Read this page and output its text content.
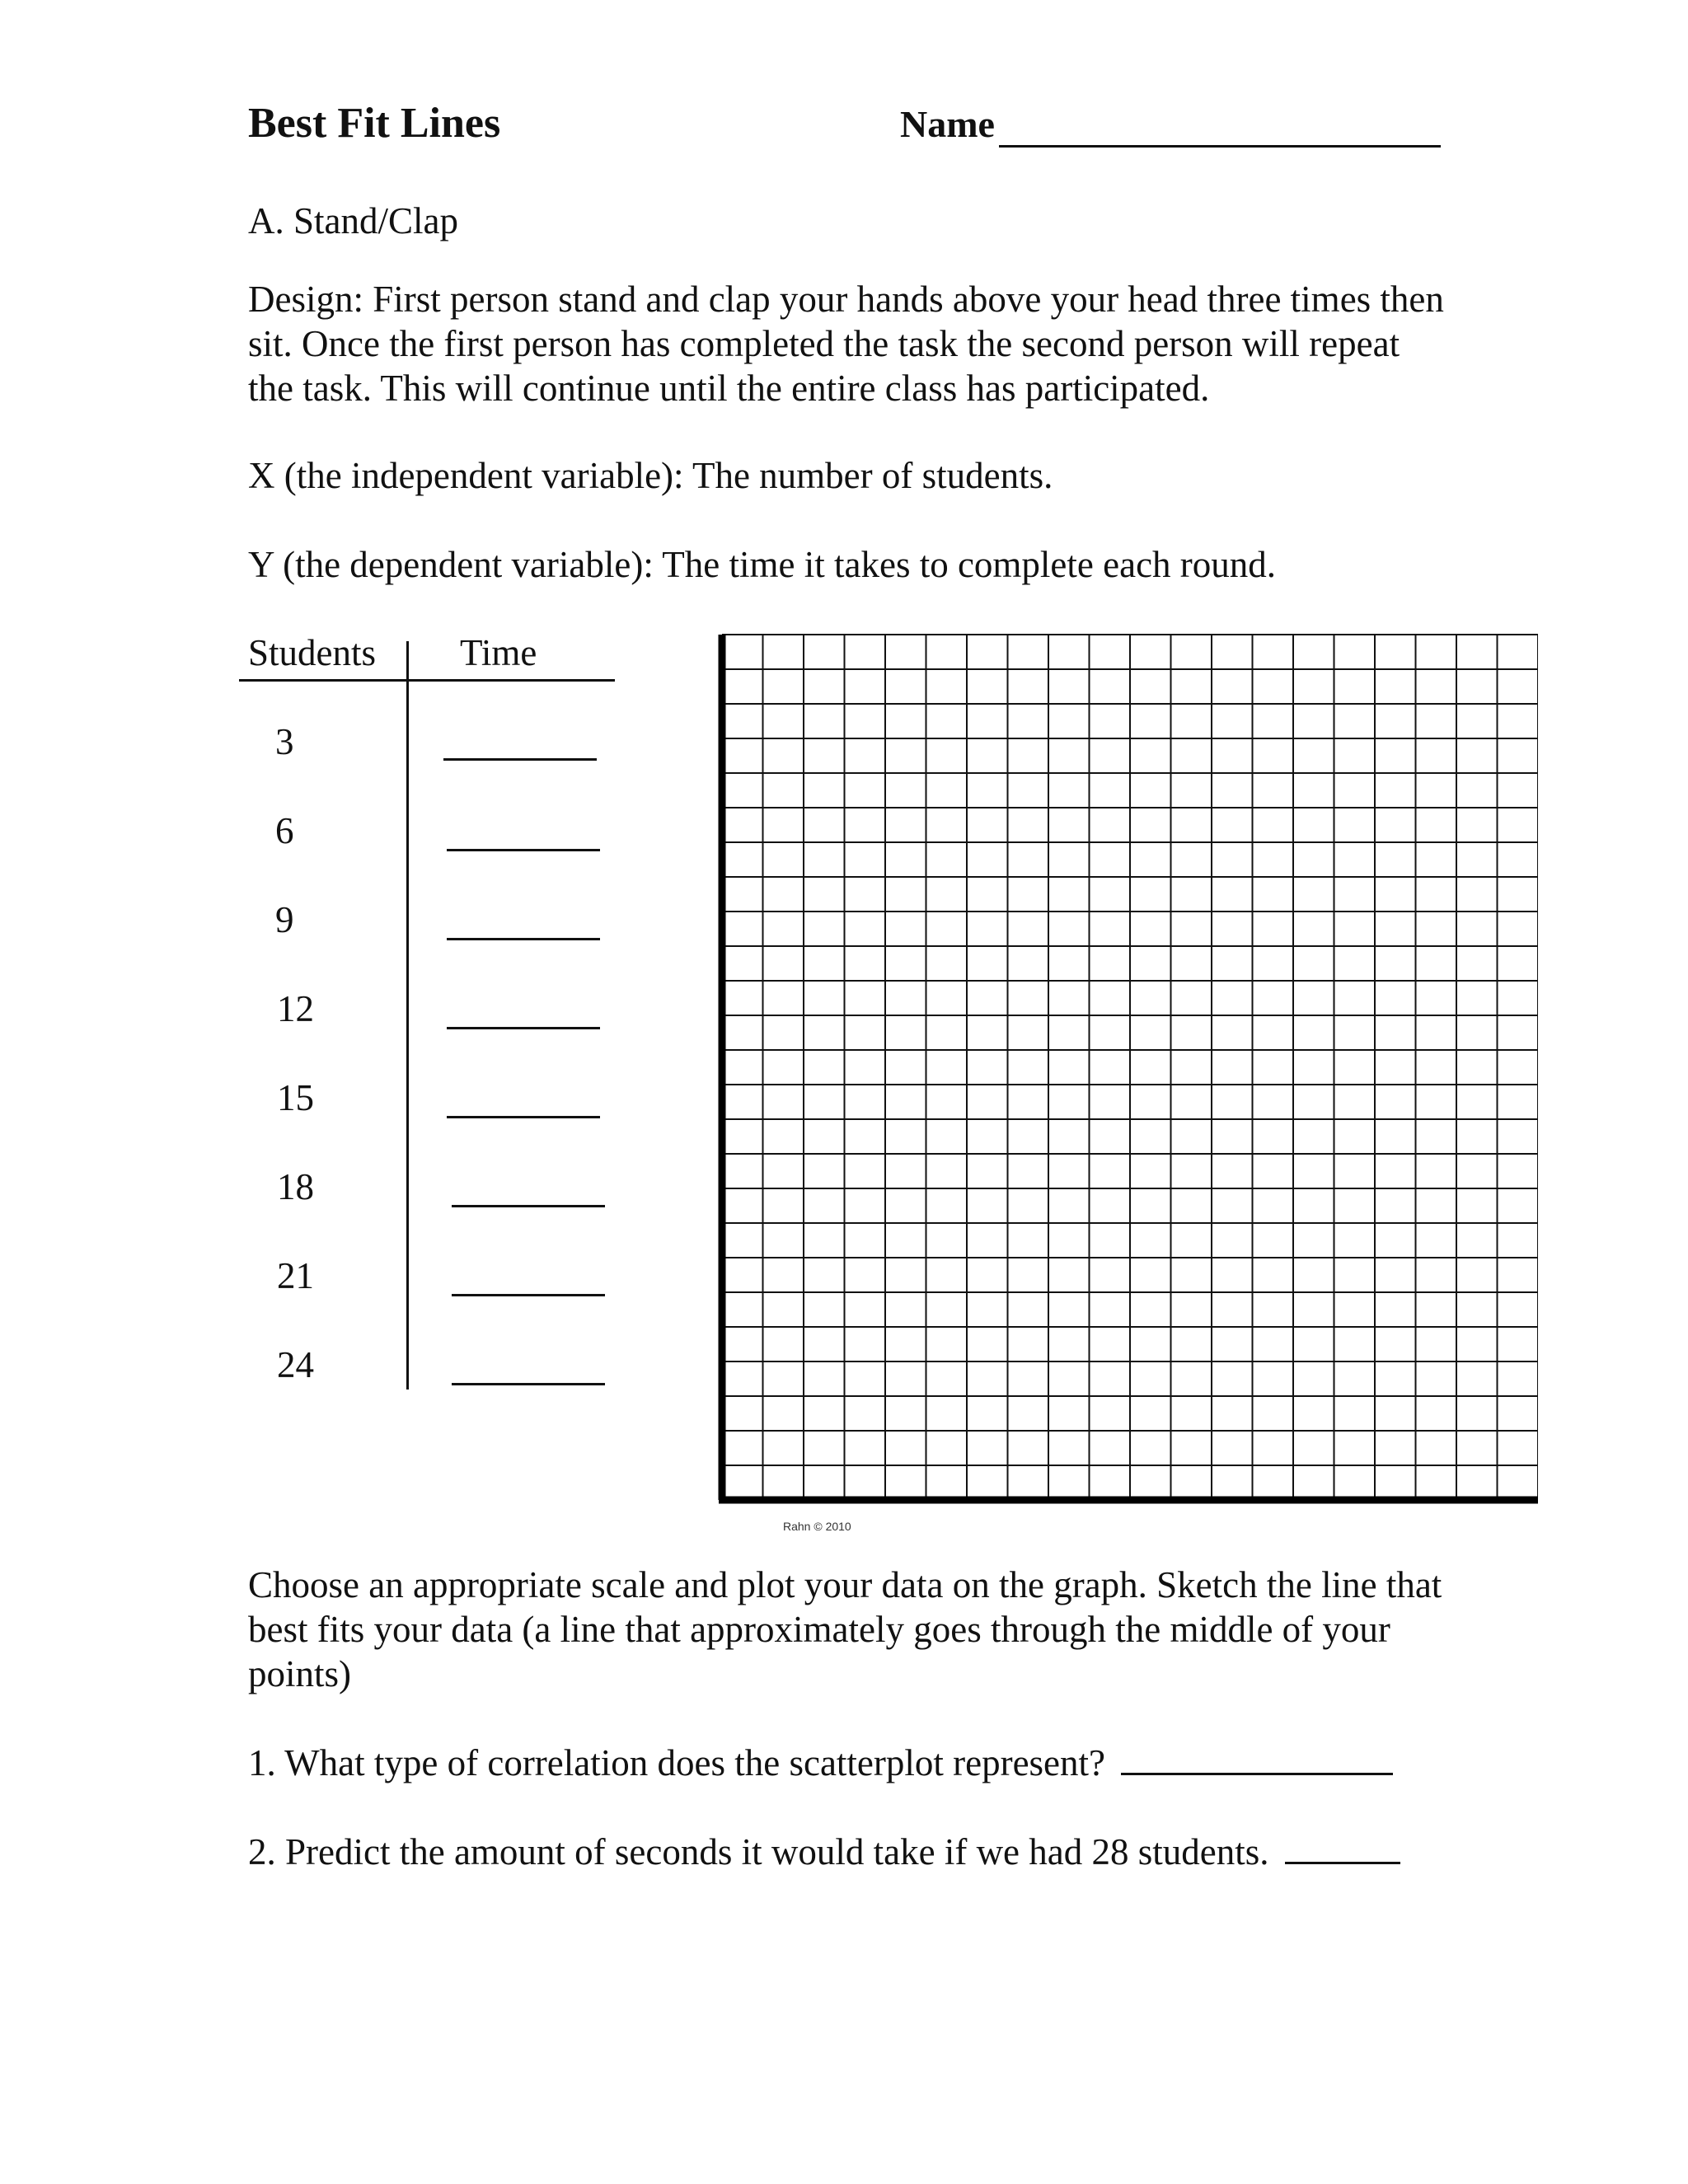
Best Fit Lines	Name
A. Stand/Clap
Design: First person stand and clap your hands above your head three times then sit. Once the first person has completed the task the second person will repeat the task. This will continue until the entire class has participated.
X (the independent variable): The number of students.
Y (the dependent variable): The time it takes to complete each round.
Students Time
3
6
9
12
15
18
21
24
Rahn © 2010
Choose an appropriate scale and plot your data on the graph. Sketch the line that best fits your data (a line that approximately goes through the middle of your points)
1. What type of correlation does the scatterplot represent?
2. Predict the amount of seconds it would take if we had 28 students.
